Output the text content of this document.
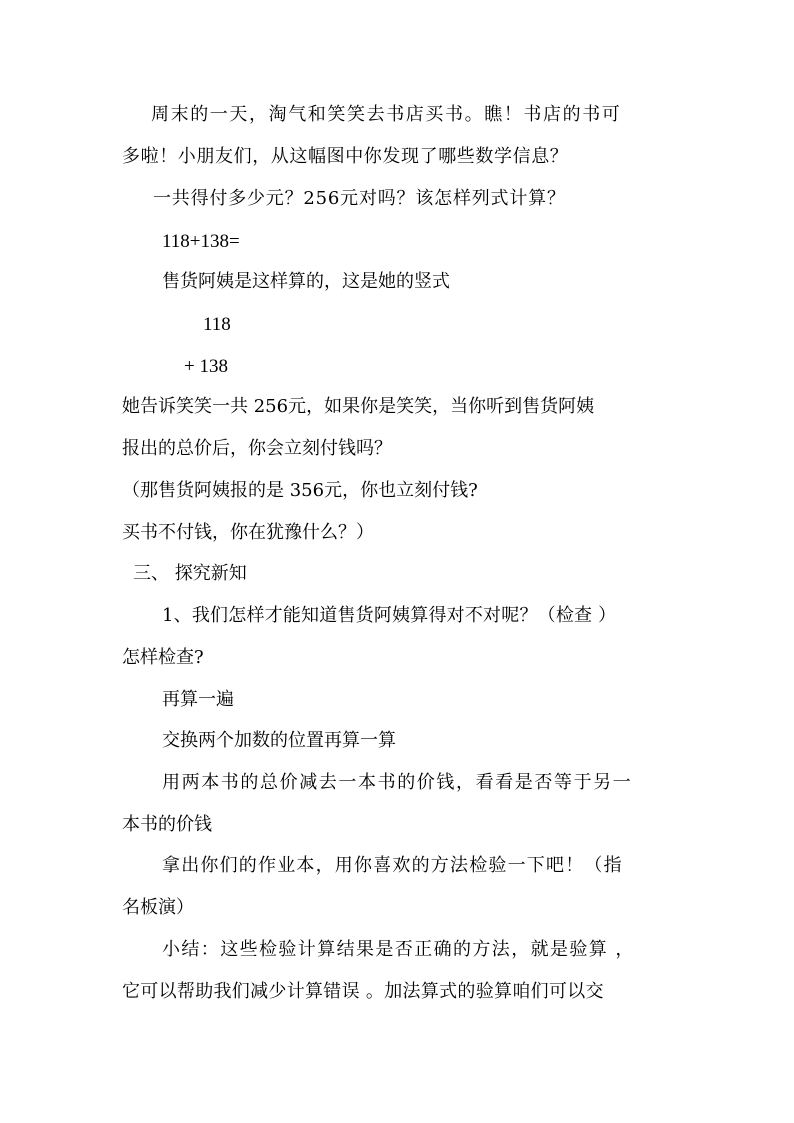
周末的一天，淘气和笑笑去书店买书。瞧！书店的书可
多啦！小朋友们，从这幅图中你发现了哪些数学信息？
一共得付多少元？256元对吗？该怎样列式计算？
118+138=
售货阿姨是这样算的，这是她的竖式
118
+ 138
她告诉笑笑一共 256元，如果你是笑笑，当你听到售货阿姨
报出的总价后，你会立刻付钱吗？
（那售货阿姨报的是 356元，你也立刻付钱?
买书不付钱，你在犹豫什么？）
三、 探究新知
1、我们怎样才能知道售货阿姨算得对不对呢？（检查 ）
怎样检查?
再算一遍
交换两个加数的位置再算一算
用两本书的总价减去一本书的价钱，看看是否等于另一
本书的价钱
拿出你们的作业本，用你喜欢的方法检验一下吧！（指
名板演）
小结：这些检验计算结果是否正确的方法，就是验算 ，
它可以帮助我们减少计算错误 。加法算式的验算咱们可以交
